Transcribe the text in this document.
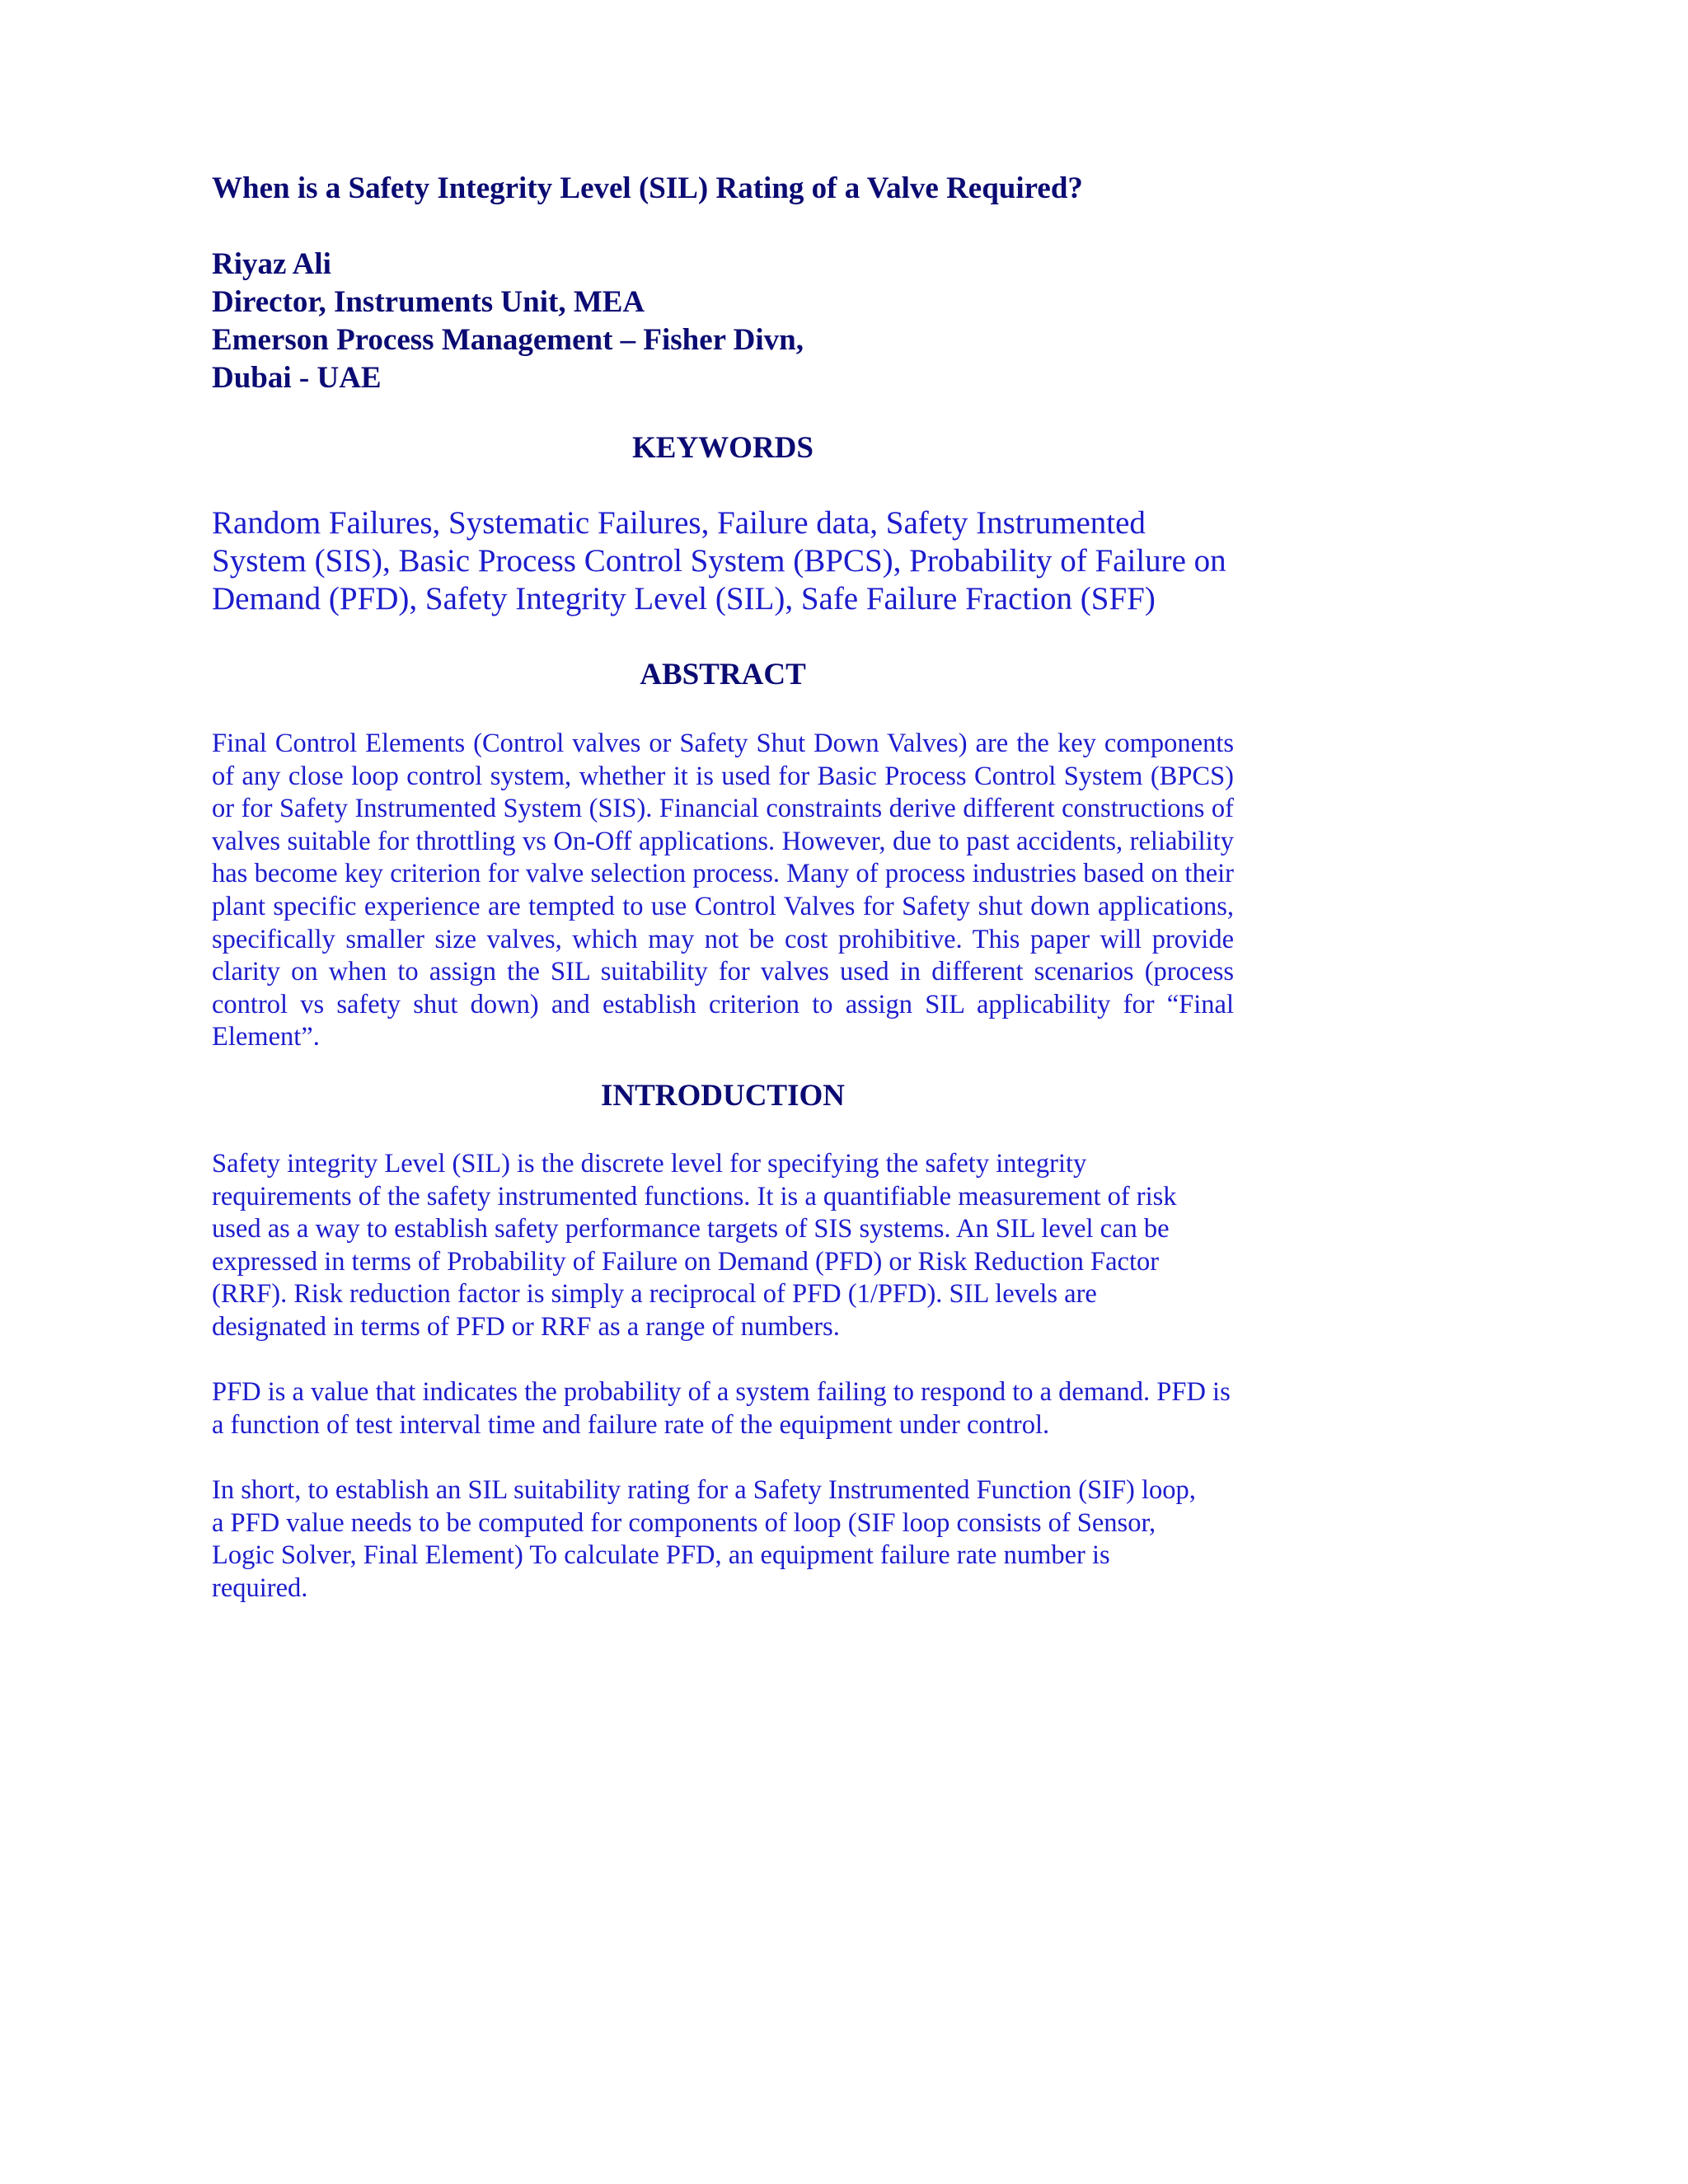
When is a Safety Integrity Level (SIL) Rating of a Valve Required?
Riyaz Ali
Director, Instruments Unit, MEA
Emerson Process Management – Fisher Divn,
Dubai - UAE
KEYWORDS

Random Failures, Systematic Failures, Failure data, Safety Instrumented System (SIS), Basic Process Control System (BPCS), Probability of Failure on Demand (PFD), Safety Integrity Level (SIL), Safe Failure Fraction (SFF)

ABSTRACT

Final Control Elements (Control valves or Safety Shut Down Valves) are the key components of any close loop control system, whether it is used for Basic Process Control System (BPCS) or for Safety Instrumented System (SIS). Financial constraints derive different constructions of valves suitable for throttling vs On-Off applications. However, due to past accidents, reliability has become key criterion for valve selection process. Many of process industries based on their plant specific experience are tempted to use Control Valves for Safety shut down applications, specifically smaller size valves, which may not be cost prohibitive. This paper will provide clarity on when to assign the SIL suitability for valves used in different scenarios (process control vs safety shut down) and establish criterion to assign SIL applicability for “Final Element”.

INTRODUCTION

Safety integrity Level (SIL) is the discrete level for specifying the safety integrity requirements of the safety instrumented functions. It is a quantifiable measurement of risk used as a way to establish safety performance targets of SIS systems. An SIL level can be expressed in terms of Probability of Failure on Demand (PFD) or Risk Reduction Factor (RRF). Risk reduction factor is simply a reciprocal of PFD (1/PFD). SIL levels are designated in terms of PFD or RRF as a range of numbers.

PFD is a value that indicates the probability of a system failing to respond to a demand. PFD is a function of test interval time and failure rate of the equipment under control.

In short, to establish an SIL suitability rating for a Safety Instrumented Function (SIF) loop, a PFD value needs to be computed for components of loop (SIF loop consists of Sensor, Logic Solver, Final Element) To calculate PFD, an equipment failure rate number is required.
